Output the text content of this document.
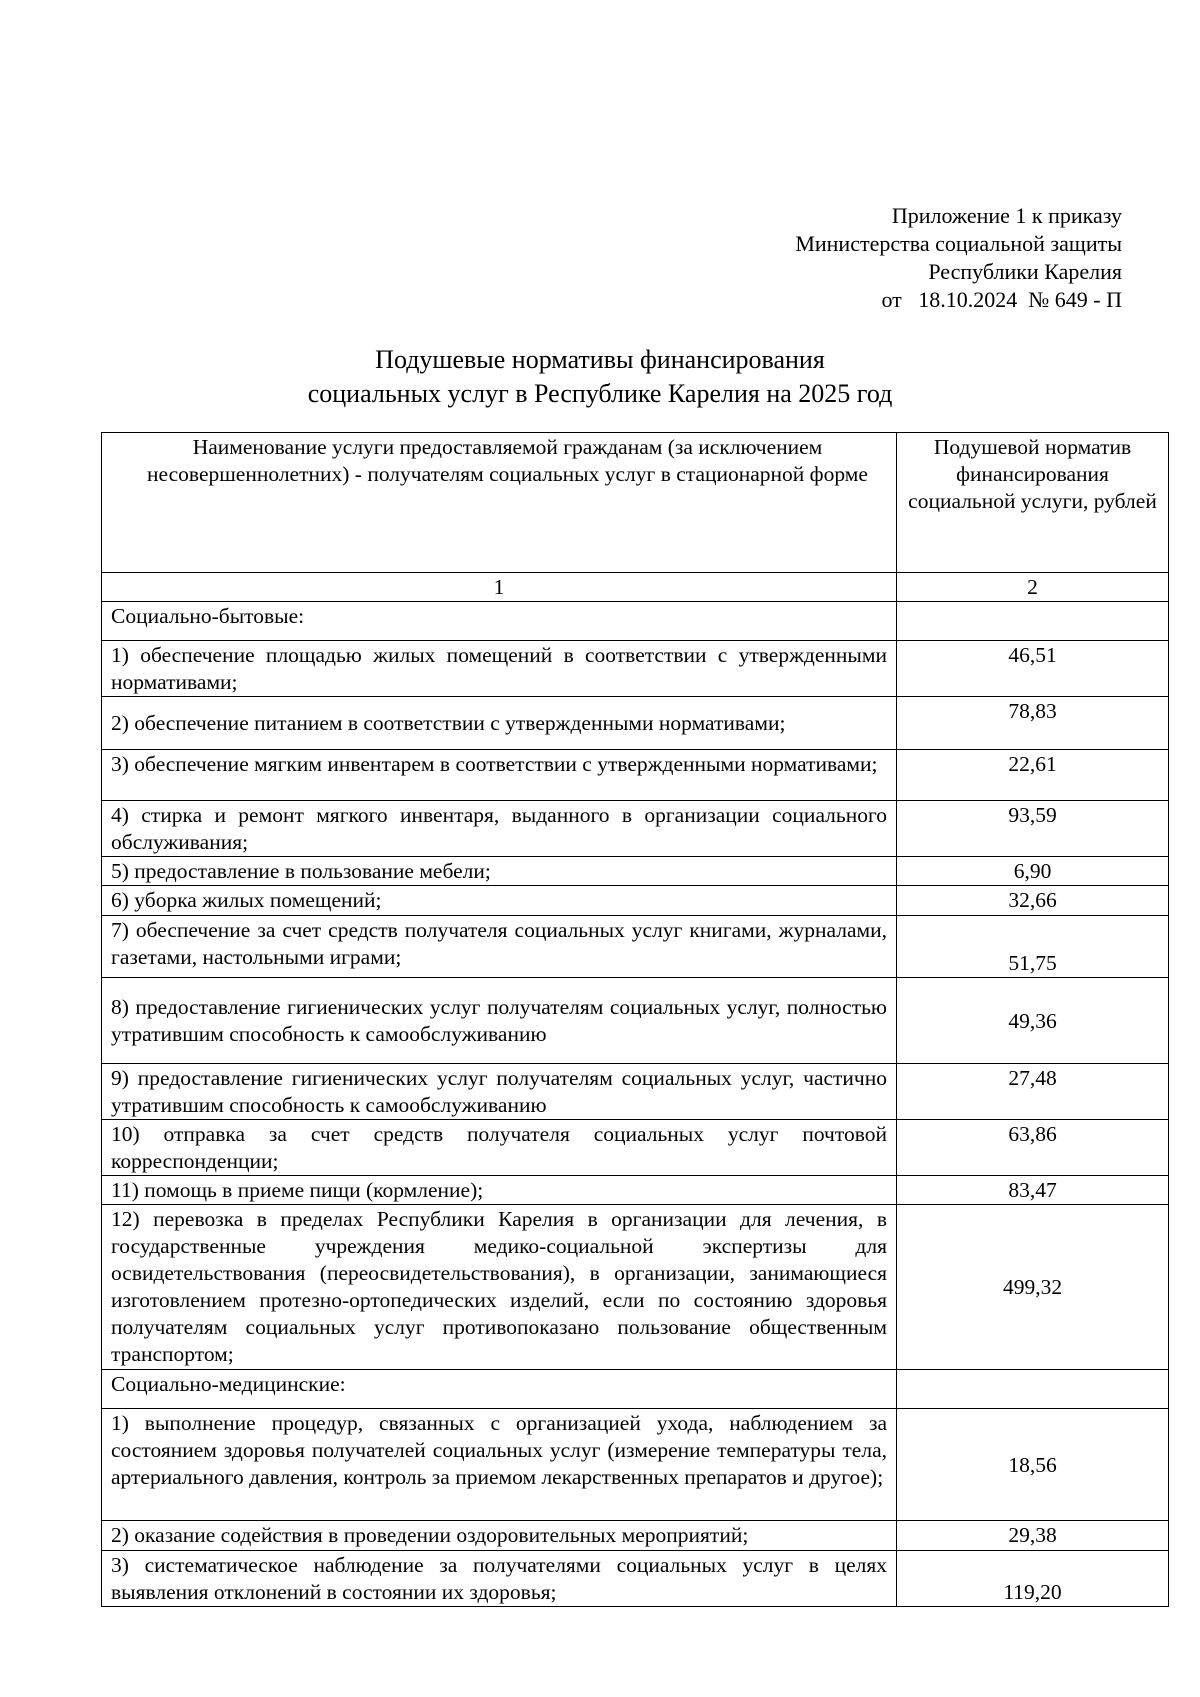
Приложение 1 к приказу
Министерства социальной защиты
Республики Карелия
от   18.10.2024  № 649 - П
Подушевые нормативы финансирования
социальных услуг в Республике Карелия на 2025 год
Наименование услуги предоставляемой гражданам (за исключением несовершеннолетних) - получателям социальных услуг в стационарной форме	Подушевой норматив финансирования социальной услуги, рублей
1	2
Социально-бытовые:	
1) обеспечение площадью жилых помещений в соответствии с утвержденными нормативами;	46,51
2) обеспечение питанием в соответствии с утвержденными нормативами;	78,83
3) обеспечение мягким инвентарем в соответствии с утвержденными нормативами;	22,61
4) стирка и ремонт мягкого инвентаря, выданного в организации социального обслуживания;	93,59
5) предоставление в пользование мебели;	6,90
6) уборка жилых помещений;	32,66
7) обеспечение за счет средств получателя социальных услуг книгами, журналами, газетами, настольными играми;	51,75
8) предоставление гигиенических услуг получателям социальных услуг, полностью утратившим способность к самообслуживанию	49,36
9) предоставление гигиенических услуг получателям социальных услуг, частично утратившим способность к самообслуживанию	27,48
10) отправка за счет средств получателя социальных услуг почтовой корреспонденции;	63,86
11) помощь в приеме пищи (кормление);	83,47
12) перевозка в пределах Республики Карелия в организации для лечения, в государственные учреждения медико-социальной экспертизы для освидетельствования (переосвидетельствования), в организации, занимающиеся изготовлением протезно-ортопедических изделий, если по состоянию здоровья получателям социальных услуг противопоказано пользование общественным транспортом;	499,32
Социально-медицинские:	
1) выполнение процедур, связанных с организацией ухода, наблюдением за состоянием здоровья получателей социальных услуг (измерение температуры тела, артериального давления, контроль за приемом лекарственных препаратов и другое);	18,56
2) оказание содействия в проведении оздоровительных мероприятий;	29,38
3) систематическое наблюдение за получателями социальных услуг в целях выявления отклонений в состоянии их здоровья;	119,20
